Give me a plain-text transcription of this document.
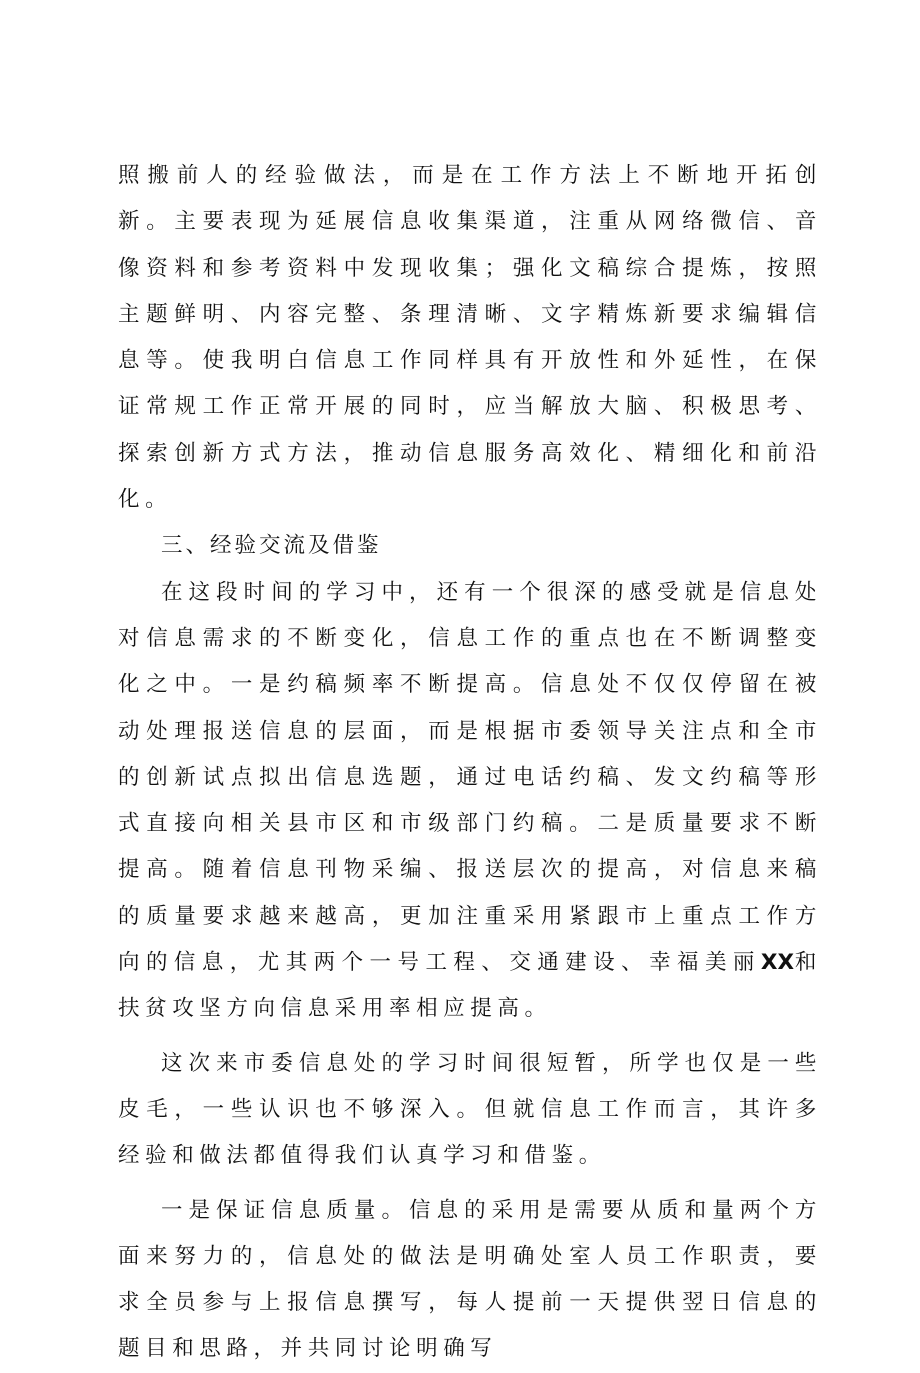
照搬前人的经验做法，而是在工作方法上不断地开拓创新。主要表现为延展信息收集渠道，注重从网络微信、音像资料和参考资料中发现收集；强化文稿综合提炼，按照主题鲜明、内容完整、条理清晰、文字精炼新要求编辑信息等。使我明白信息工作同样具有开放性和外延性，在保证常规工作正常开展的同时，应当解放大脑、积极思考、探索创新方式方法，推动信息服务高效化、精细化和前沿化。

三、经验交流及借鉴

在这段时间的学习中，还有一个很深的感受就是信息处对信息需求的不断变化，信息工作的重点也在不断调整变化之中。一是约稿频率不断提高。信息处不仅仅停留在被动处理报送信息的层面，而是根据市委领导关注点和全市的创新试点拟出信息选题，通过电话约稿、发文约稿等形式直接向相关县市区和市级部门约稿。二是质量要求不断提高。随着信息刊物采编、报送层次的提高，对信息来稿的质量要求越来越高，更加注重采用紧跟市上重点工作方向的信息，尤其两个一号工程、交通建设、幸福美丽XX和扶贫攻坚方向信息采用率相应提高。

这次来市委信息处的学习时间很短暂，所学也仅是一些皮毛，一些认识也不够深入。但就信息工作而言，其许多经验和做法都值得我们认真学习和借鉴。

一是保证信息质量。信息的采用是需要从质和量两个方面来努力的，信息处的做法是明确处室人员工作职责，要求全员参与上报信息撰写，每人提前一天提供翌日信息的题目和思路，并共同讨论明确写
